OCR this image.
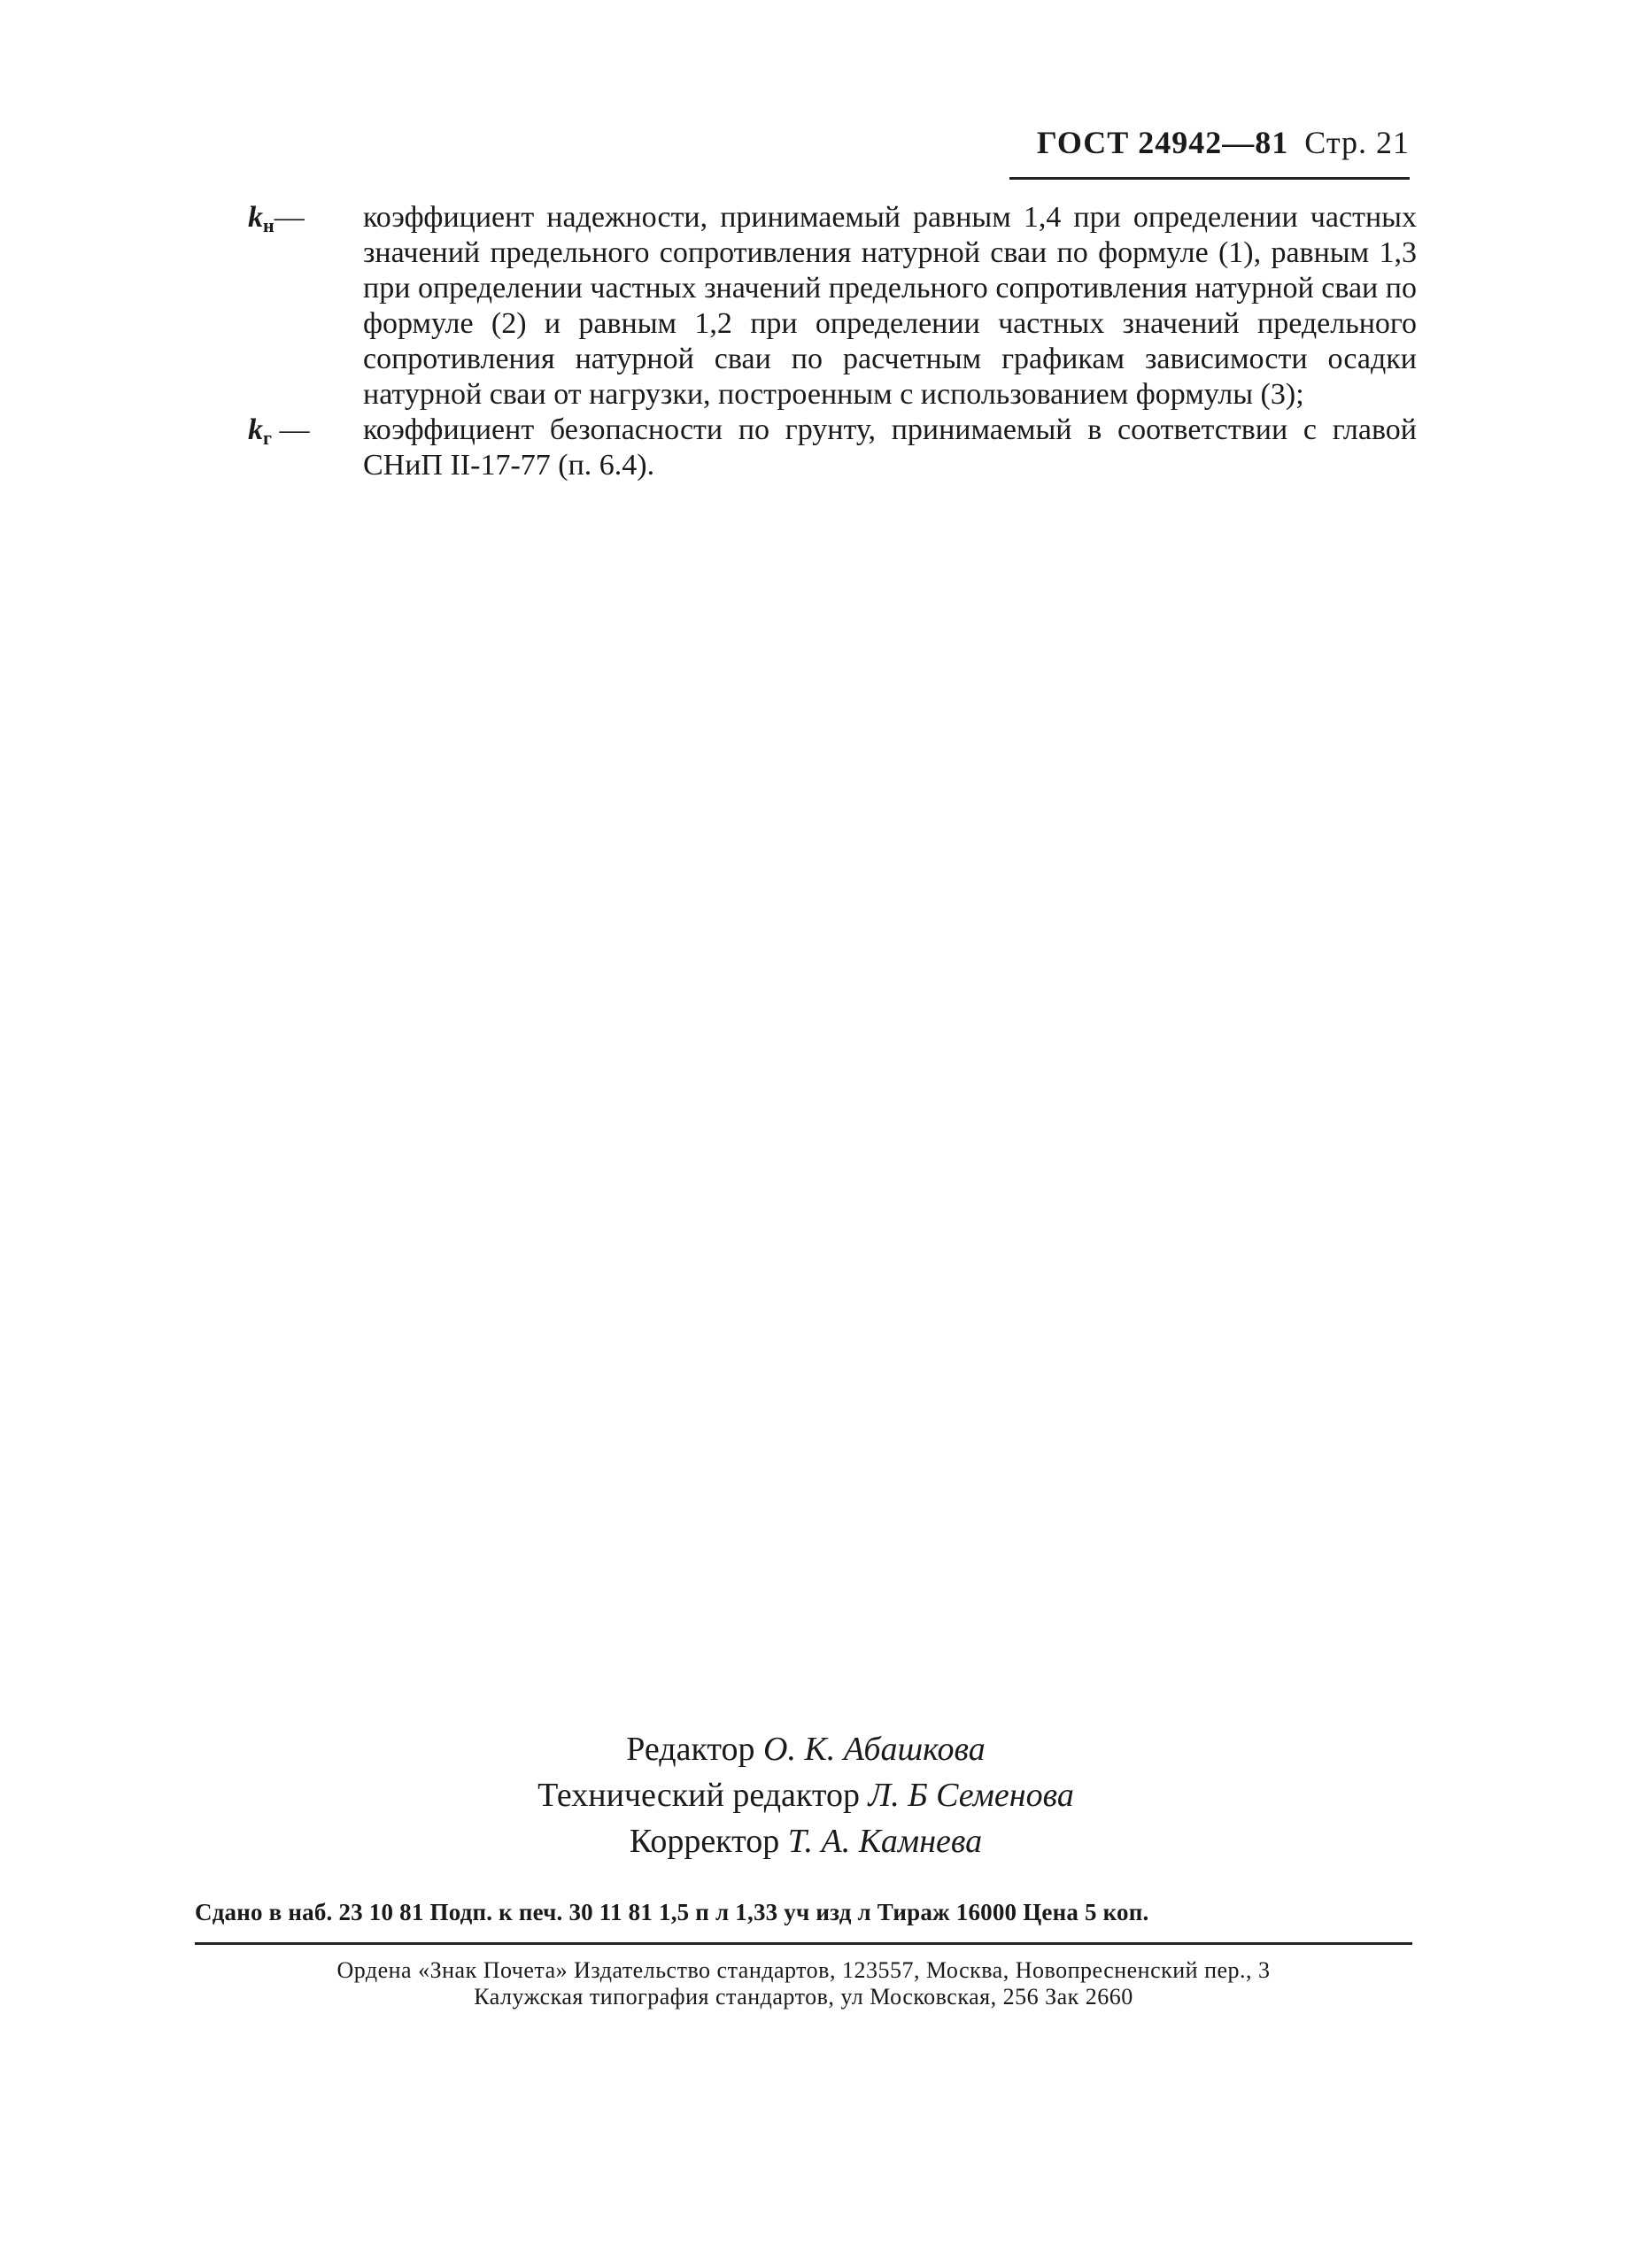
ГОСТ 24942—81 Стр. 21
$k_н—$	коэффициент надежности, принимаемый равным 1,4 при определении частных значений предельного сопротивления натурной сваи по формуле (1), равным 1,3 при определении частных значений предельного сопротивления натурной сваи по формуле (2) и равным 1,2 при определении частных значений предельного сопротивления натурной сваи по расчетным графикам зависимости осадки натурной сваи от нагрузки, построенным с использованием формулы (3);
$k_г$ —	коэффициент безопасности по грунту, принимаемый в соответствии с главой СНиП II-17-77 (п. 6.4).
Редактор О. К. Абашкова
Технический редактор Л. Б Семенова
Корректор Т. А. Камнева
Сдано в наб. 23 10 81 Подп. к печ. 30 11 81 1,5 п л 1,33 уч изд л Тираж 16000 Цена 5 коп.
Ордена «Знак Почета» Издательство стандартов, 123557, Москва, Новопресненский пер., 3
Калужская типография стандартов, ул Московская, 256 Зак 2660
